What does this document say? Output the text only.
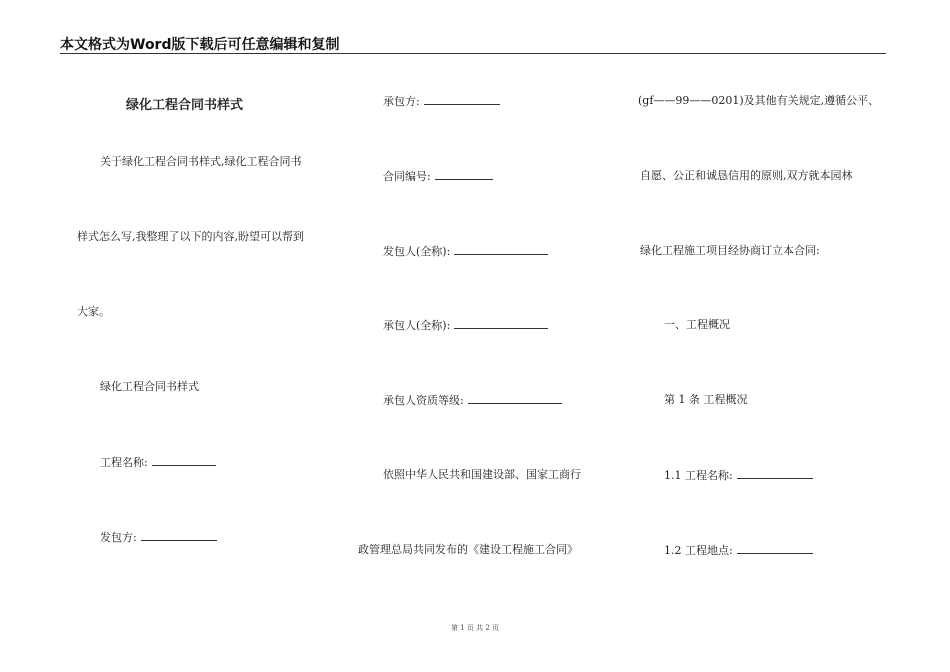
本文格式为Word版下载后可任意编辑和复制
绿化工程合同书样式
关于绿化工程合同书样式,绿化工程合同书
样式怎么写,我整理了以下的内容,盼望可以帮到
大家。
绿化工程合同书样式
工程名称:
发包方:
承包方:
合同编号:
发包人(全称):
承包人(全称):
承包人资质等级:
依照中华人民共和国建设部、国家工商行
政管理总局共同发布的《建设工程施工合同》
(gf——99——0201)及其他有关规定,遵循公平、
自愿、公正和诚恳信用的原则,双方就本园林
绿化工程施工项目经协商订立本合同:
一、工程概况
第 1 条 工程概况
1.1 工程名称:
1.2 工程地点:
第 1 页 共 2 页
